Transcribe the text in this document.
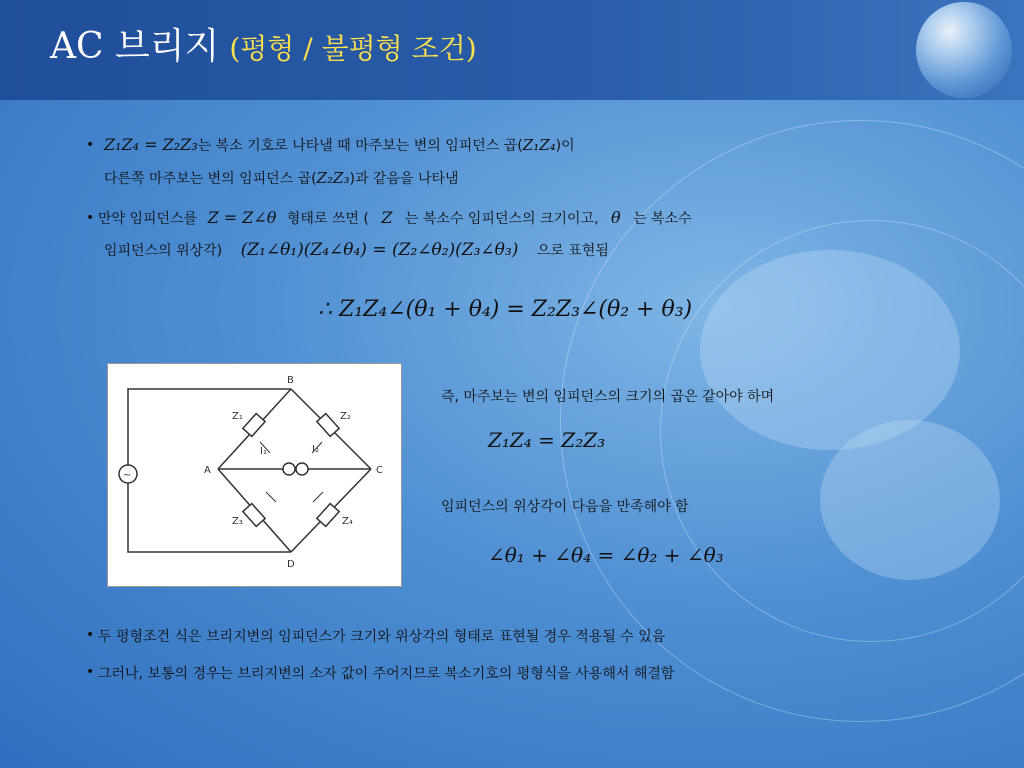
AC 브리지 (평형 / 불평형 조건)
• Z₁Z₄ = Z₂Z₃는 복소 기호로 나타낼 때 마주보는 변의 임피던스 곱(Z₁Z₄)이
다른쪽 마주보는 변의 임피던스 곱(Z₂Z₃)과 같음을 나타냄
• 만약 임피던스를 Z = Z∠θ 형태로 쓰면 ( Z 는 복소수 임피던스의 크기이고, θ 는 복소수
임피던스의 위상각) (Z₁∠θ₁)(Z₄∠θ₄) = (Z₂∠θ₂)(Z₃∠θ₃) 으로 표현됨
∴ Z₁Z₄∠(θ₁ + θ₄) = Z₂Z₃∠(θ₂ + θ₃)
~
B
A	C
D
Z₁	Z₂
Z₃	Z₄
I₁	I₂
즉, 마주보는 변의 임피던스의 크기의 곱은 같아야 하며
Z₁Z₄ = Z₂Z₃
임피던스의 위상각이 다음을 만족해야 함
∠θ₁ + ∠θ₄ = ∠θ₂ + ∠θ₃
• 두 평형조건 식은 브리지변의 임피던스가 크기와 위상각의 형태로 표현될 경우 적용될 수 있음
• 그러나, 보통의 경우는 브리지변의 소자 값이 주어지므로 복소기호의 평형식을 사용해서 해결함
